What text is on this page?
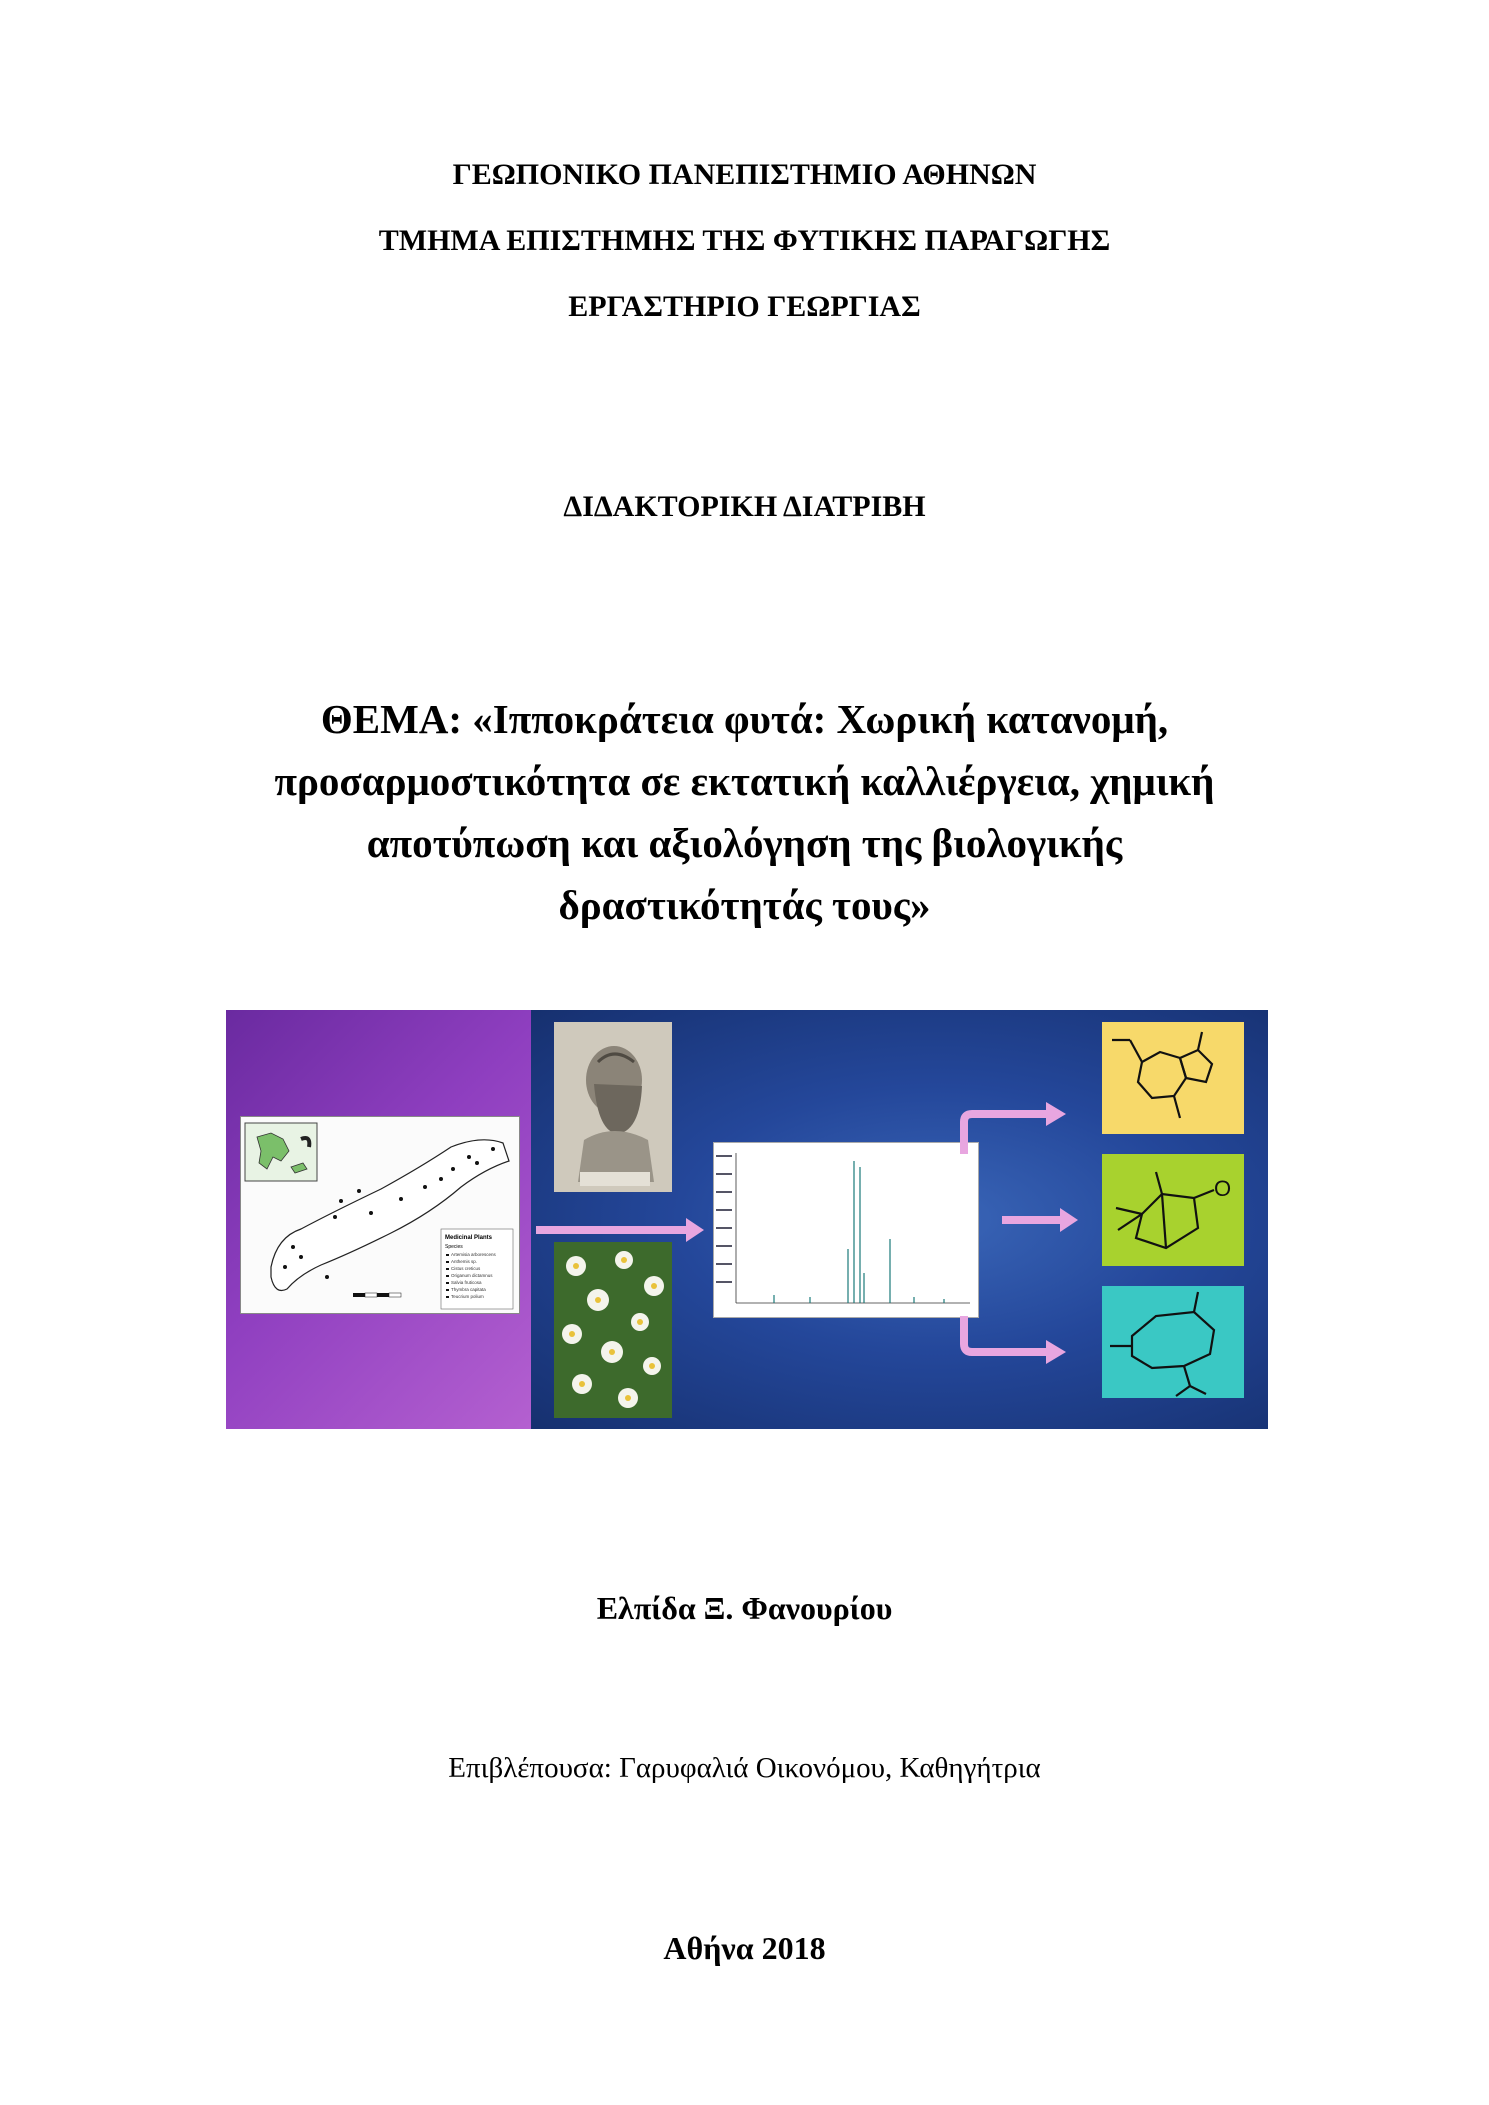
ΓΕΩΠΟΝΙΚΟ ΠΑΝΕΠΙΣΤΗΜΙΟ ΑΘΗΝΩΝ
ΤΜΗΜΑ ΕΠΙΣΤΗΜΗΣ ΤΗΣ ΦΥΤΙΚΗΣ ΠΑΡΑΓΩΓΗΣ
ΕΡΓΑΣΤΗΡΙΟ ΓΕΩΡΓΙΑΣ
ΔΙΔΑΚΤΟΡΙΚΗ ΔΙΑΤΡΙΒΗ
ΘΕΜΑ: «Ιπποκράτεια φυτά: Χωρική κατανομή,
προσαρμοστικότητα σε εκτατική καλλιέργεια, χημική
αποτύπωση και αξιολόγηση της βιολογικής
δραστικότητάς τους»
Medicinal Plants
Species
Artemisia arborescens
Anthemis sp.
Cistus creticus
Origanum dictamnus
Salvia fruticosa
Thymbra capitata
Teucrium polium
O
Ελπίδα Ξ. Φανουρίου
Επιβλέπουσα: Γαρυφαλιά Οικονόμου, Καθηγήτρια
Αθήνα 2018
